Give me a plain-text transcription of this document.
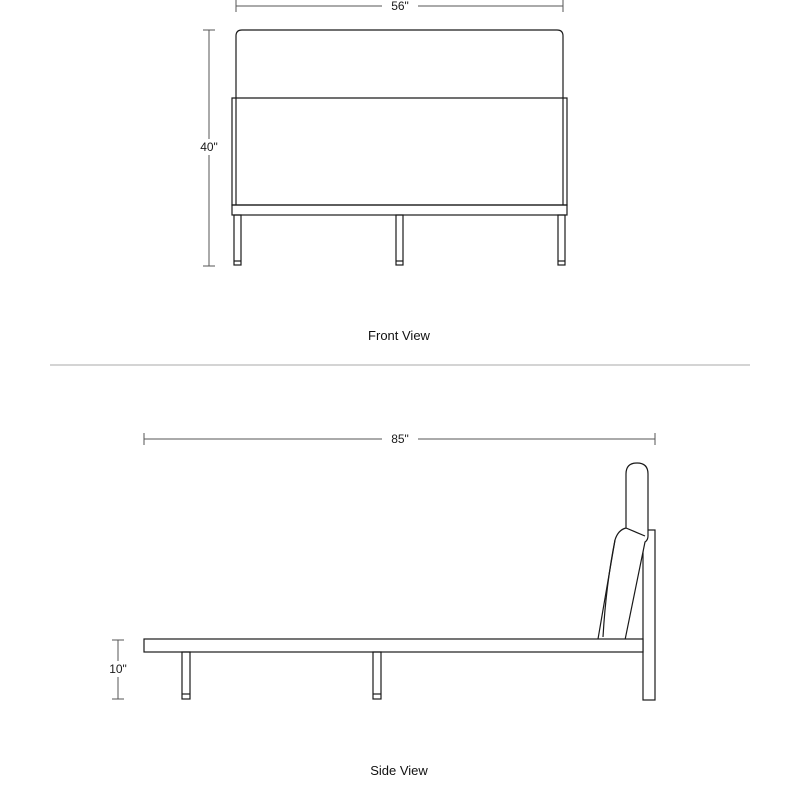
56"
40"
Front View
85"
10"
Side View
